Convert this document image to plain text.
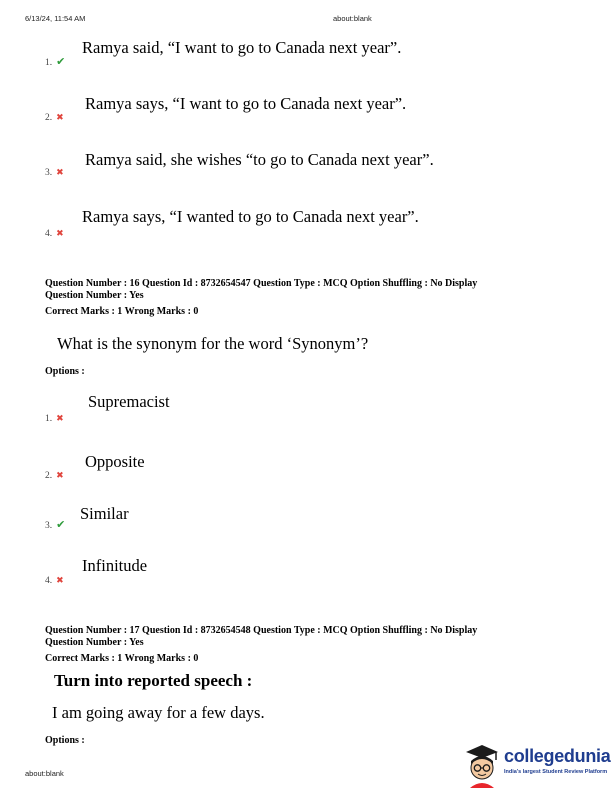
6/13/24, 11:54 AM	about:blank
Ramya said, “I want to go to Canada next year”.
1. ✔
Ramya says, “I want to go to Canada next year”.
2. ✖
Ramya said, she wishes “to go to Canada next year”.
3. ✖
Ramya says, “I wanted to go to Canada next year”.
4. ✖
Question Number : 16 Question Id : 8732654547 Question Type : MCQ Option Shuffling : No Display
Question Number : Yes
Correct Marks : 1 Wrong Marks : 0
What is the synonym for the word ‘Synonym’?
Options :
Supremacist
1. ✖
Opposite
2. ✖
Similar
3. ✔
Infinitude
4. ✖
Question Number : 17 Question Id : 8732654548 Question Type : MCQ Option Shuffling : No Display
Question Number : Yes
Correct Marks : 1 Wrong Marks : 0
Turn into reported speech :
I am going away for a few days.
Options :
about:blank
collegedunia
India's largest Student Review Platform
